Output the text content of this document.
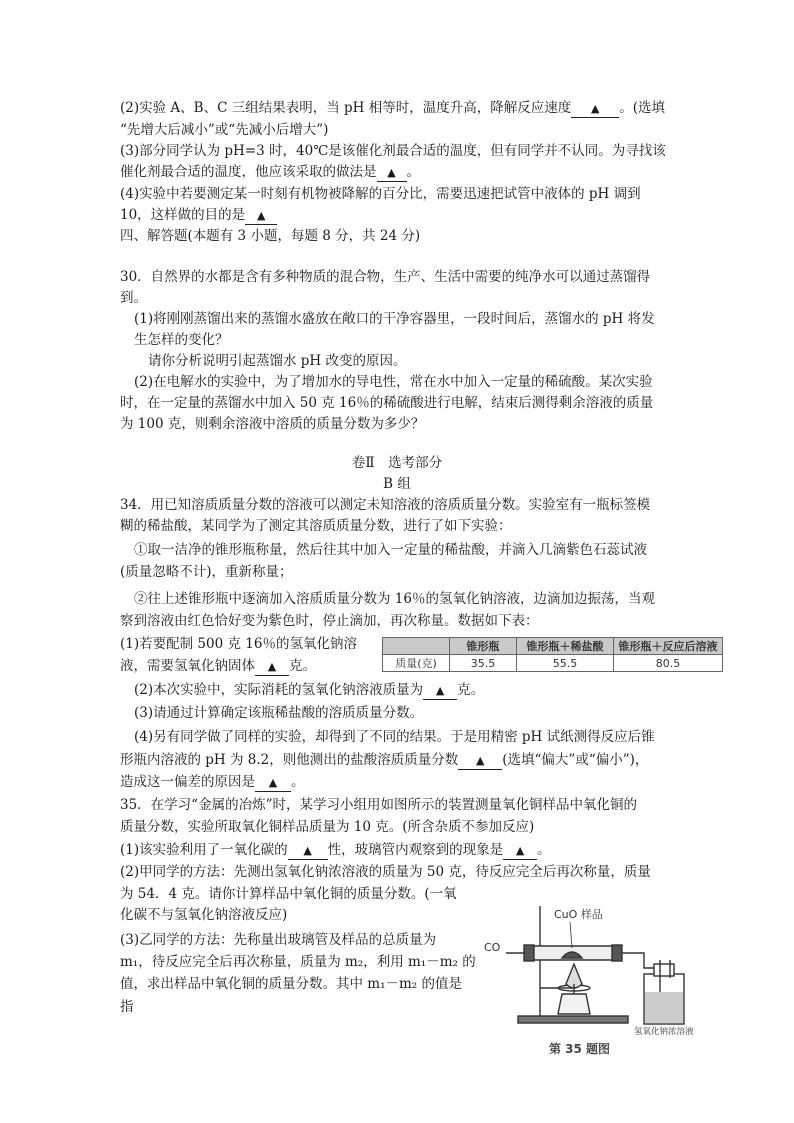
(2)实验 A、B、C 三组结果表明，当 pH 相等时，温度升高，降解反应速度 ▲ 。(选填
“先增大后减小”或“先减小后增大”)
(3)部分同学认为 pH=3 时，40℃是该催化剂最合适的温度，但有同学并不认同。为寻找该
催化剂最合适的温度，他应该采取的做法是 ▲ 。
(4)实验中若要测定某一时刻有机物被降解的百分比，需要迅速把试管中液体的 pH 调到
10，这样做的目的是 ▲
四、解答题(本题有 3 小题，每题 8 分，共 24 分)
30．自然界的水都是含有多种物质的混合物，生产、生活中需要的纯净水可以通过蒸馏得
到。
(1)将刚刚蒸馏出来的蒸馏水盛放在敞口的干净容器里，一段时间后，蒸馏水的 pH 将发
生怎样的变化？
请你分析说明引起蒸馏水 pH 改变的原因。
(2)在电解水的实验中，为了增加水的导电性，常在水中加入一定量的稀硫酸。某次实验
时，在一定量的蒸馏水中加入 50 克 16％的稀硫酸进行电解，结束后测得剩余溶液的质量
为 100 克，则剩余溶液中溶质的质量分数为多少？
卷Ⅱ　选考部分
B 组
34．用已知溶质质量分数的溶液可以测定未知溶液的溶质质量分数。实验室有一瓶标签模
糊的稀盐酸，某同学为了测定其溶质质量分数，进行了如下实验：
①取一洁净的锥形瓶称量，然后往其中加入一定量的稀盐酸，并滴入几滴紫色石蕊试液
(质量忽略不计)，重新称量；
②往上述锥形瓶中逐滴加入溶质质量分数为 16％的氢氧化钠溶液，边滴加边振荡，当观
察到溶液由红色恰好变为紫色时，停止滴加，再次称量。数据如下表：
(1)若要配制 500 克 16％的氢氧化钠溶
液，需要氢氧化钠固体 ▲ 克。
	锥形瓶	锥形瓶＋稀盐酸	锥形瓶＋反应后溶液
质量(克)	35.5	55.5	80.5
(2)本次实验中，实际消耗的氢氧化钠溶液质量为 ▲ 克。
(3)请通过计算确定该瓶稀盐酸的溶质质量分数。
(4)另有同学做了同样的实验，却得到了不同的结果。于是用精密 pH 试纸测得反应后锥
形瓶内溶液的 pH 为 8.2，则他测出的盐酸溶质质量分数 ▲ (选填“偏大”或“偏小”)，
造成这一偏差的原因是 ▲ 。
35．在学习“金属的冶炼”时，某学习小组用如图所示的装置测量氧化铜样品中氧化铜的
质量分数，实验所取氧化铜样品质量为 10 克。(所含杂质不参加反应)
(1)该实验利用了一氧化碳的 ▲ 性，玻璃管内观察到的现象是 ▲ 。
(2)甲同学的方法：先测出氢氧化钠浓溶液的质量为 50 克，待反应完全后再次称量，质量
为 54．4 克。请你计算样品中氧化铜的质量分数。(一氧
化碳不与氢氧化钠溶液反应)
(3)乙同学的方法：先称量出玻璃管及样品的总质量为
m₁，待反应完全后再次称量，质量为 m₂，利用 m₁－m₂ 的
值，求出样品中氧化铜的质量分数。其中 m₁－m₂ 的值是
指
CO
CuO 样品
氢氧化钠浓溶液
第 35 题图
